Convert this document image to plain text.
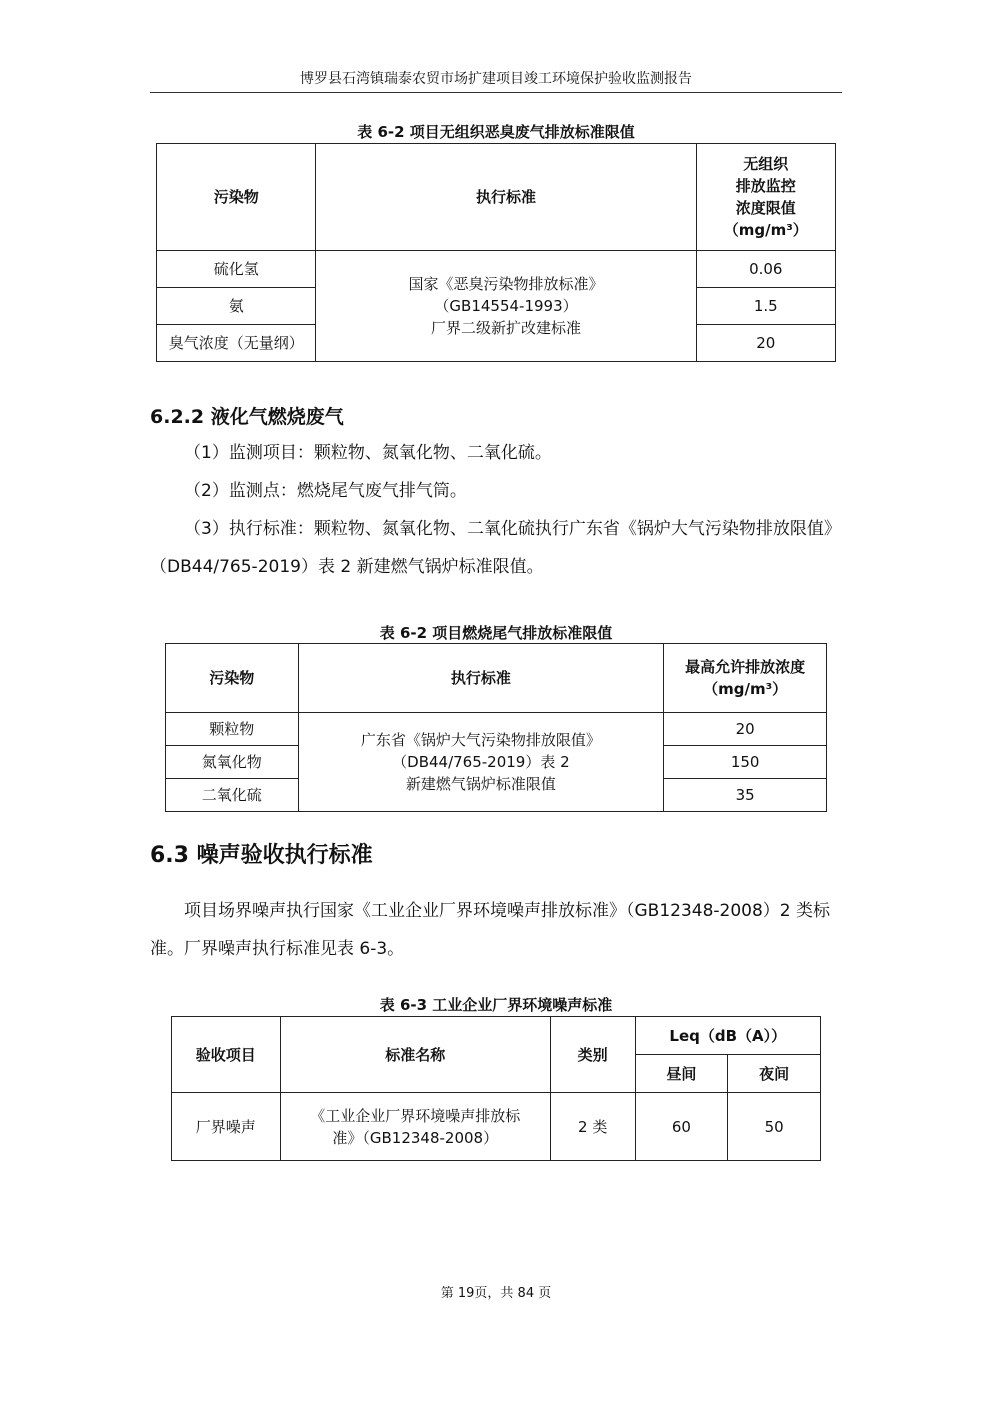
博罗县石湾镇瑞泰农贸市场扩建项目竣工环境保护验收监测报告
表 6-2 项目无组织恶臭废气排放标准限值
污染物	执行标准	无组织
排放监控
浓度限值
（mg/m³）

硫化氢	国家《恶臭污染物排放标准》
（GB14554-1993）
厂界二级新扩改建标准	0.06
氨		1.5
臭气浓度（无量纲）		20
6.2.2 液化气燃烧废气

（1）监测项目：颗粒物、氮氧化物、二氧化硫。

（2）监测点：燃烧尾气废气排气筒。

（3）执行标准：颗粒物、氮氧化物、二氧化硫执行广东省《锅炉大气污染物排放限值》（DB44/765-2019）表 2 新建燃气锅炉标准限值。

表 6-2 项目燃烧尾气排放标准限值
污染物	执行标准	最高允许排放浓度
（mg/m³）

颗粒物	广东省《锅炉大气污染物排放限值》
（DB44/765-2019）表 2
新建燃气锅炉标准限值	20
氮氧化物		150
二氧化硫		35
6.3 噪声验收执行标准

项目场界噪声执行国家《工业企业厂界环境噪声排放标准》（GB12348-2008）2 类标准。厂界噪声执行标准见表 6-3。

表 6-3 工业企业厂界环境噪声标准
验收项目	标准名称	类别	Leq（dB（A））	
			昼间	夜间
厂界噪声	《工业企业厂界环境噪声排放标
准》（GB12348-2008）	2 类	60	50
第 19页，共 84 页
